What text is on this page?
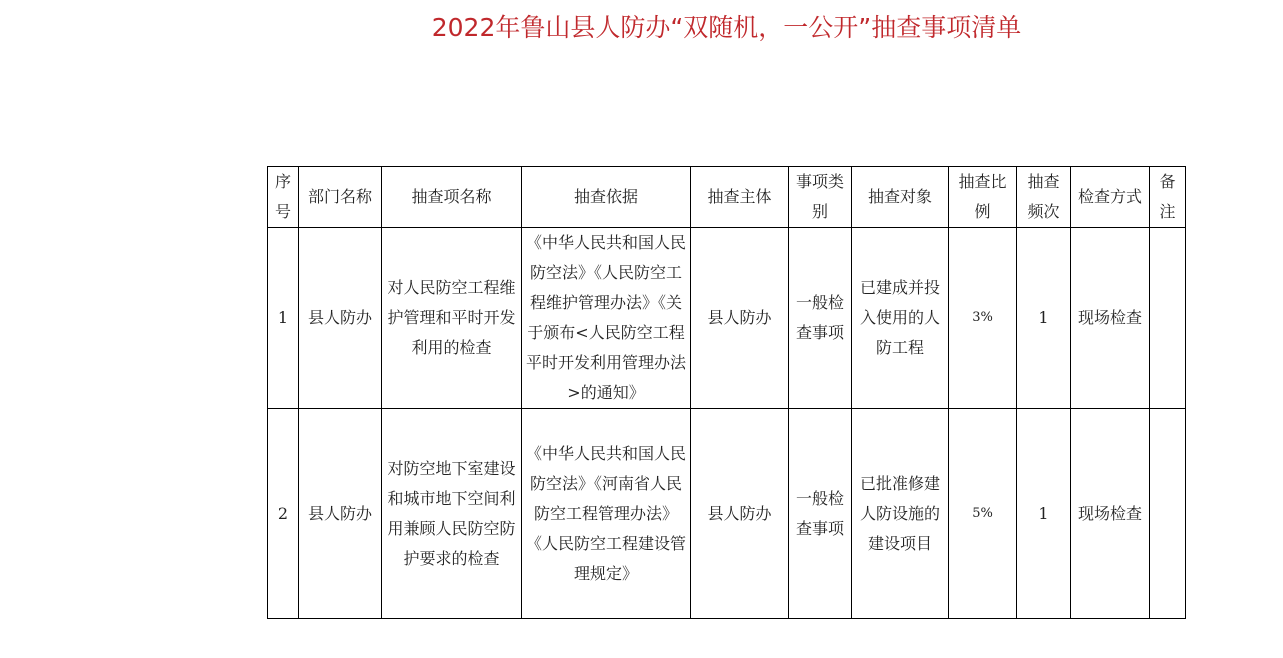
2022年鲁山县人防办“双随机，一公开”抽查事项清单
序号	部门名称	抽查项名称	抽查依据	抽查主体	事项类别	抽查对象	抽查比例	抽查频次	检查方式	备注
1	县人防办	对人民防空工程维护管理和平时开发利用的检查	《中华人民共和国人民防空法》《人民防空工程维护管理办法》《关于颁布<人民防空工程平时开发利用管理办法>的通知》	县人防办	一般检查事项	已建成并投入使用的人防工程	3%	1	现场检查	
2	县人防办	对防空地下室建设和城市地下空间利用兼顾人民防空防护要求的检查	《中华人民共和国人民防空法》《河南省人民防空工程管理办法》《人民防空工程建设管理规定》	县人防办	一般检查事项	已批准修建人防设施的建设项目	5%	1	现场检查	
